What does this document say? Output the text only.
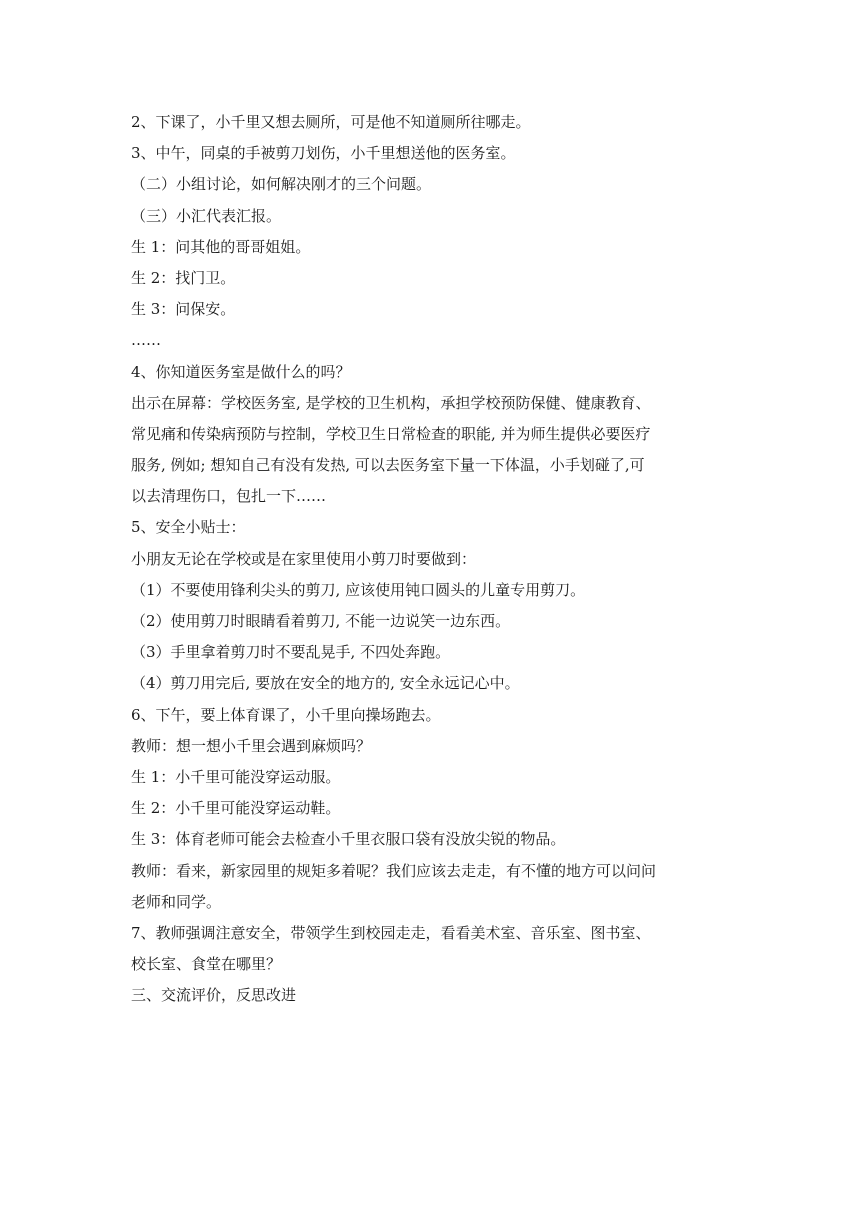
2、下课了，小千里又想去厕所，可是他不知道厕所往哪走。
3、中午，同桌的手被剪刀划伤，小千里想送他的医务室。
（二）小组讨论，如何解决刚才的三个问题。
（三）小汇代表汇报。
生 1：问其他的哥哥姐姐。
生 2：找门卫。
生 3：问保安。
……
4、你知道医务室是做什么的吗？
出示在屏幕：学校医务室, 是学校的卫生机构，承担学校预防保健、健康教育、
常见痛和传染病预防与控制，学校卫生日常检查的职能, 并为师生提供必要医疗
服务, 例如; 想知自己有没有发热, 可以去医务室下量一下体温，小手划碰了,可
以去清理伤口，包扎一下……
5、安全小贴士：
小朋友无论在学校或是在家里使用小剪刀时要做到：
（1）不要使用锋利尖头的剪刀, 应该使用钝口圆头的儿童专用剪刀。
（2）使用剪刀时眼睛看着剪刀, 不能一边说笑一边东西。
（3）手里拿着剪刀时不要乱晃手, 不四处奔跑。
（4）剪刀用完后, 要放在安全的地方的, 安全永远记心中。
6、下午，要上体育课了，小千里向操场跑去。
教师：想一想小千里会遇到麻烦吗？
生 1：小千里可能没穿运动服。
生 2：小千里可能没穿运动鞋。
生 3：体育老师可能会去检查小千里衣服口袋有没放尖锐的物品。
教师：看来，新家园里的规矩多着呢？我们应该去走走，有不懂的地方可以问问
老师和同学。
7、教师强调注意安全，带领学生到校园走走，看看美术室、音乐室、图书室、
校长室、食堂在哪里？
三、交流评价，反思改进
